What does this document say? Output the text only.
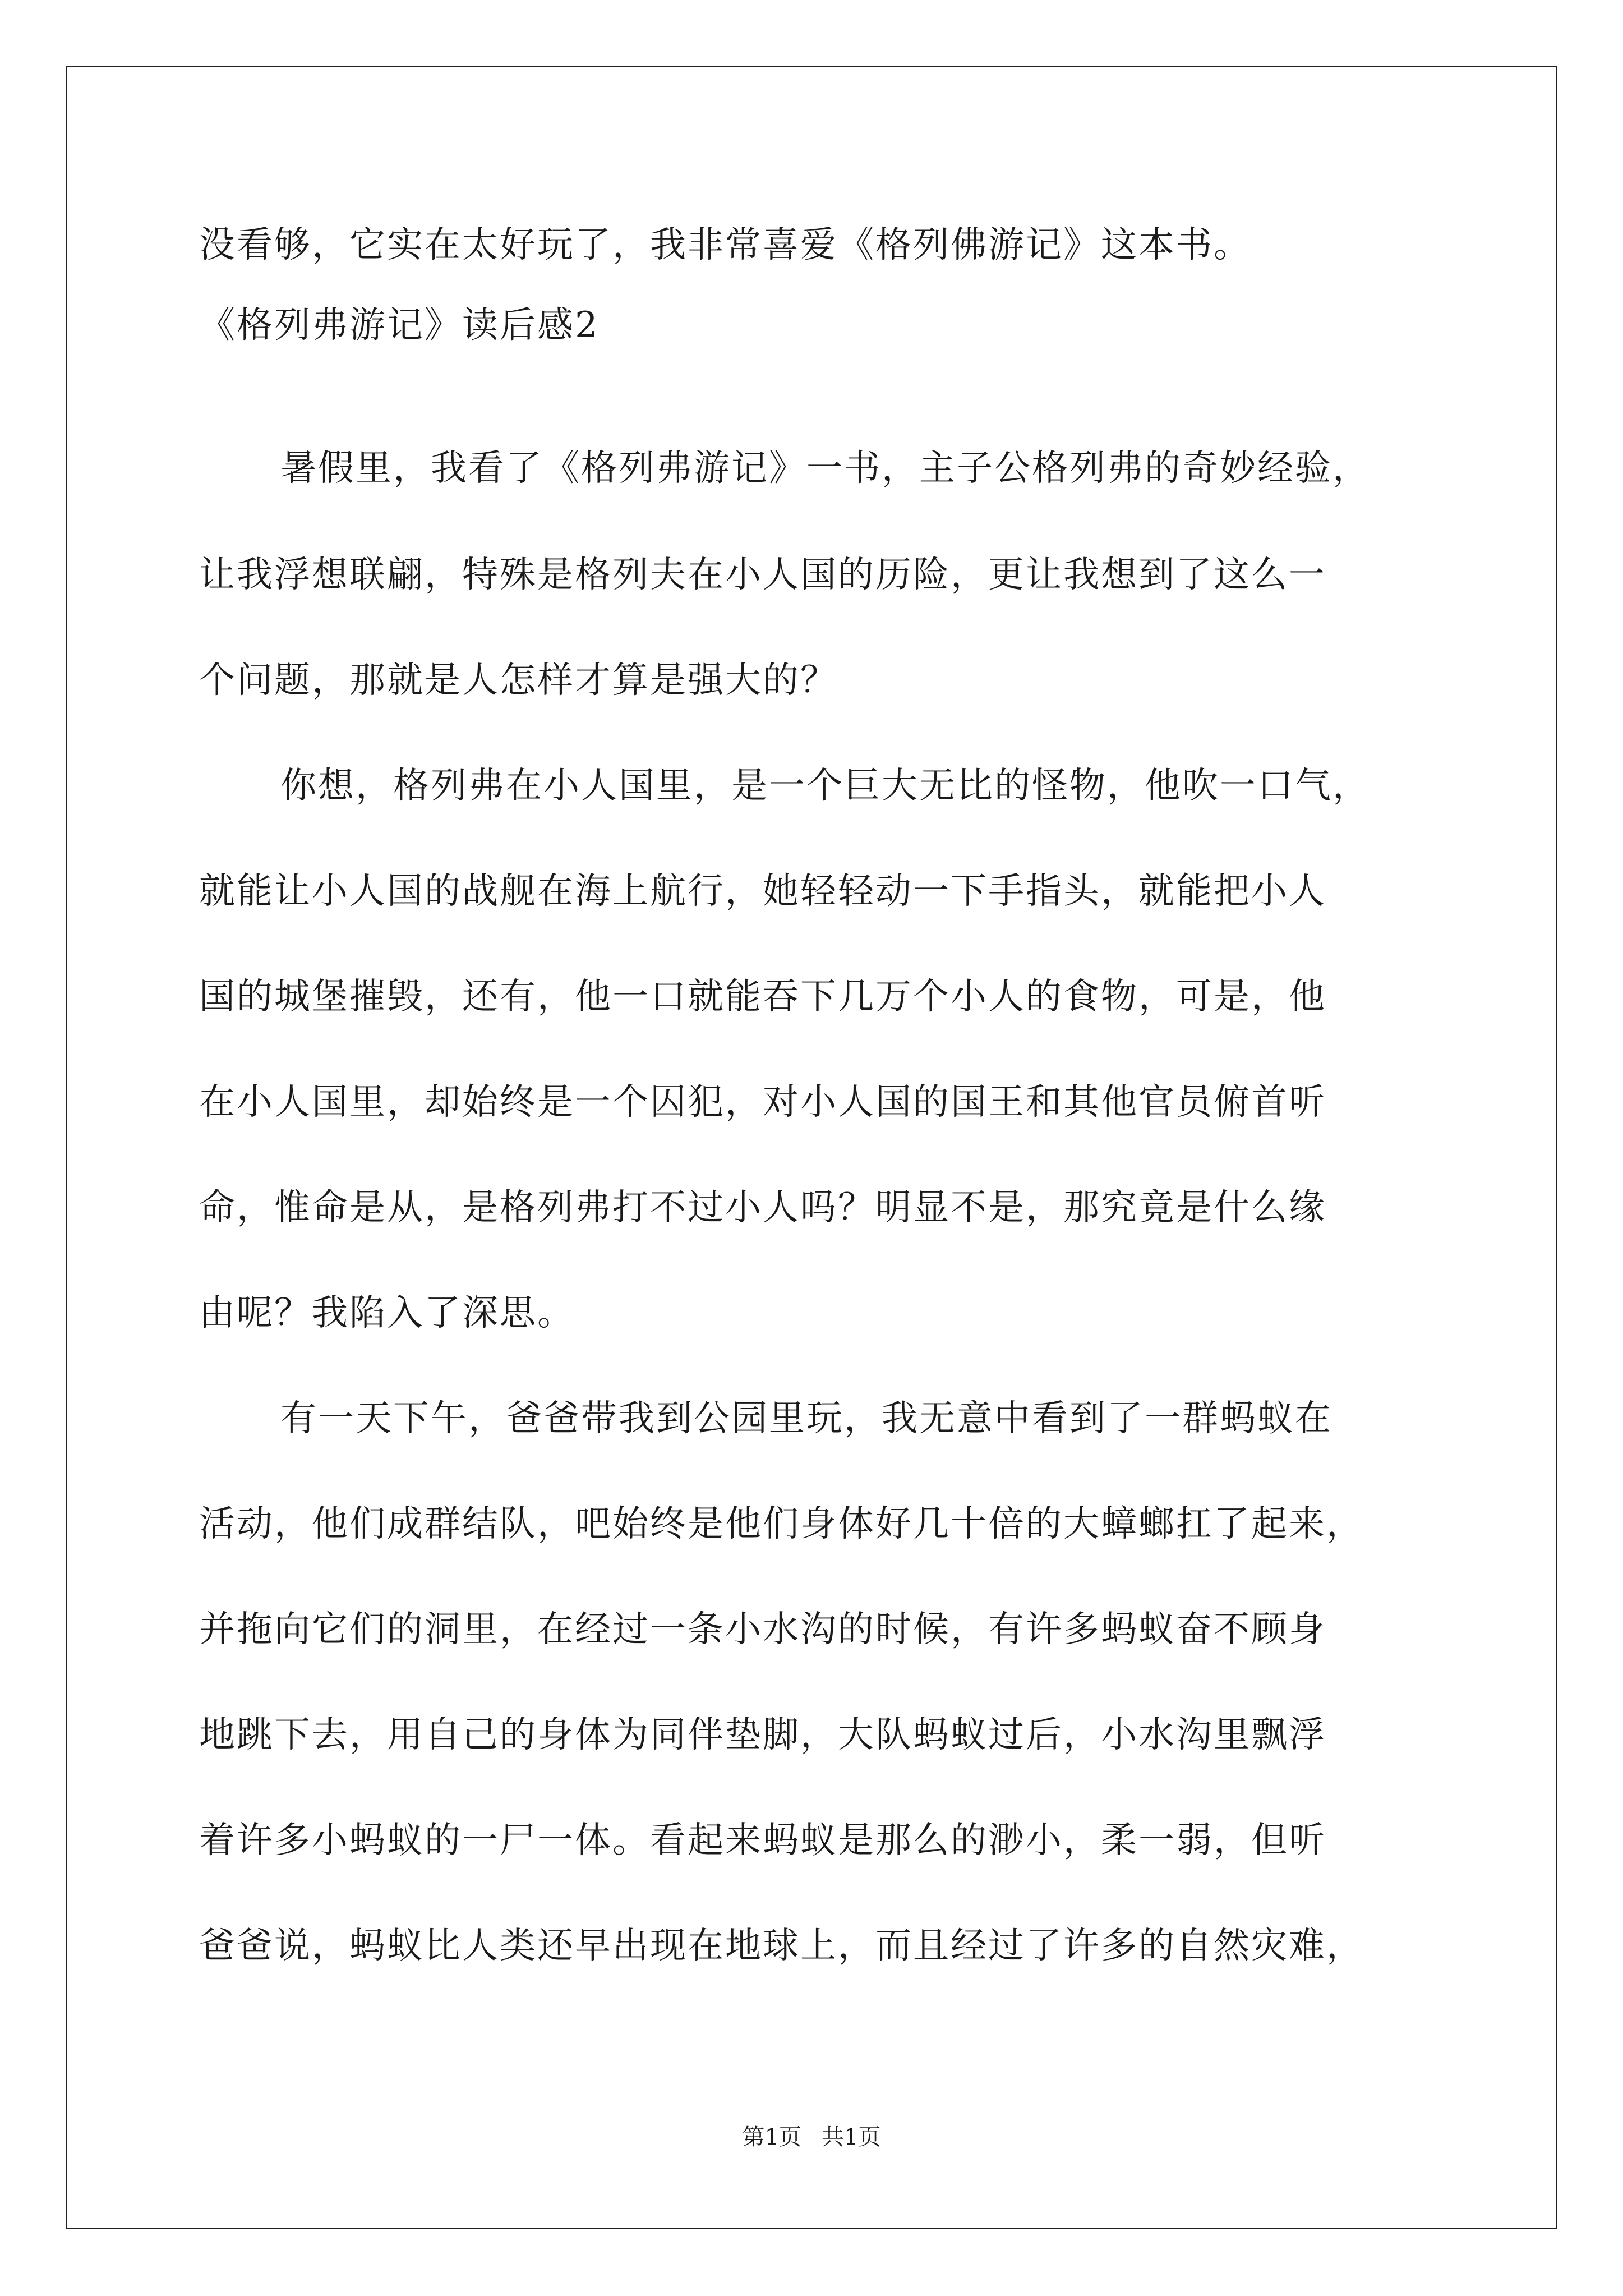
没看够，它实在太好玩了，我非常喜爱《格列佛游记》这本书。
《格列弗游记》读后感2
暑假里，我看了《格列弗游记》一书，主子公格列弗的奇妙经验，
让我浮想联翩，特殊是格列夫在小人国的历险，更让我想到了这么一
个问题，那就是人怎样才算是强大的？
你想，格列弗在小人国里，是一个巨大无比的怪物，他吹一口气，
就能让小人国的战舰在海上航行，她轻轻动一下手指头，就能把小人
国的城堡摧毁，还有，他一口就能吞下几万个小人的食物，可是，他
在小人国里，却始终是一个囚犯，对小人国的国王和其他官员俯首听
命，惟命是从，是格列弗打不过小人吗？明显不是，那究竟是什么缘
由呢？我陷入了深思。
有一天下午，爸爸带我到公园里玩，我无意中看到了一群蚂蚁在
活动，他们成群结队，吧始终是他们身体好几十倍的大蟑螂扛了起来，
并拖向它们的洞里，在经过一条小水沟的时候，有许多蚂蚁奋不顾身
地跳下去，用自己的身体为同伴垫脚，大队蚂蚁过后，小水沟里飘浮
着许多小蚂蚁的一尸一体。看起来蚂蚁是那么的渺小，柔一弱，但听
爸爸说，蚂蚁比人类还早出现在地球上，而且经过了许多的自然灾难，
第1页 共1页
